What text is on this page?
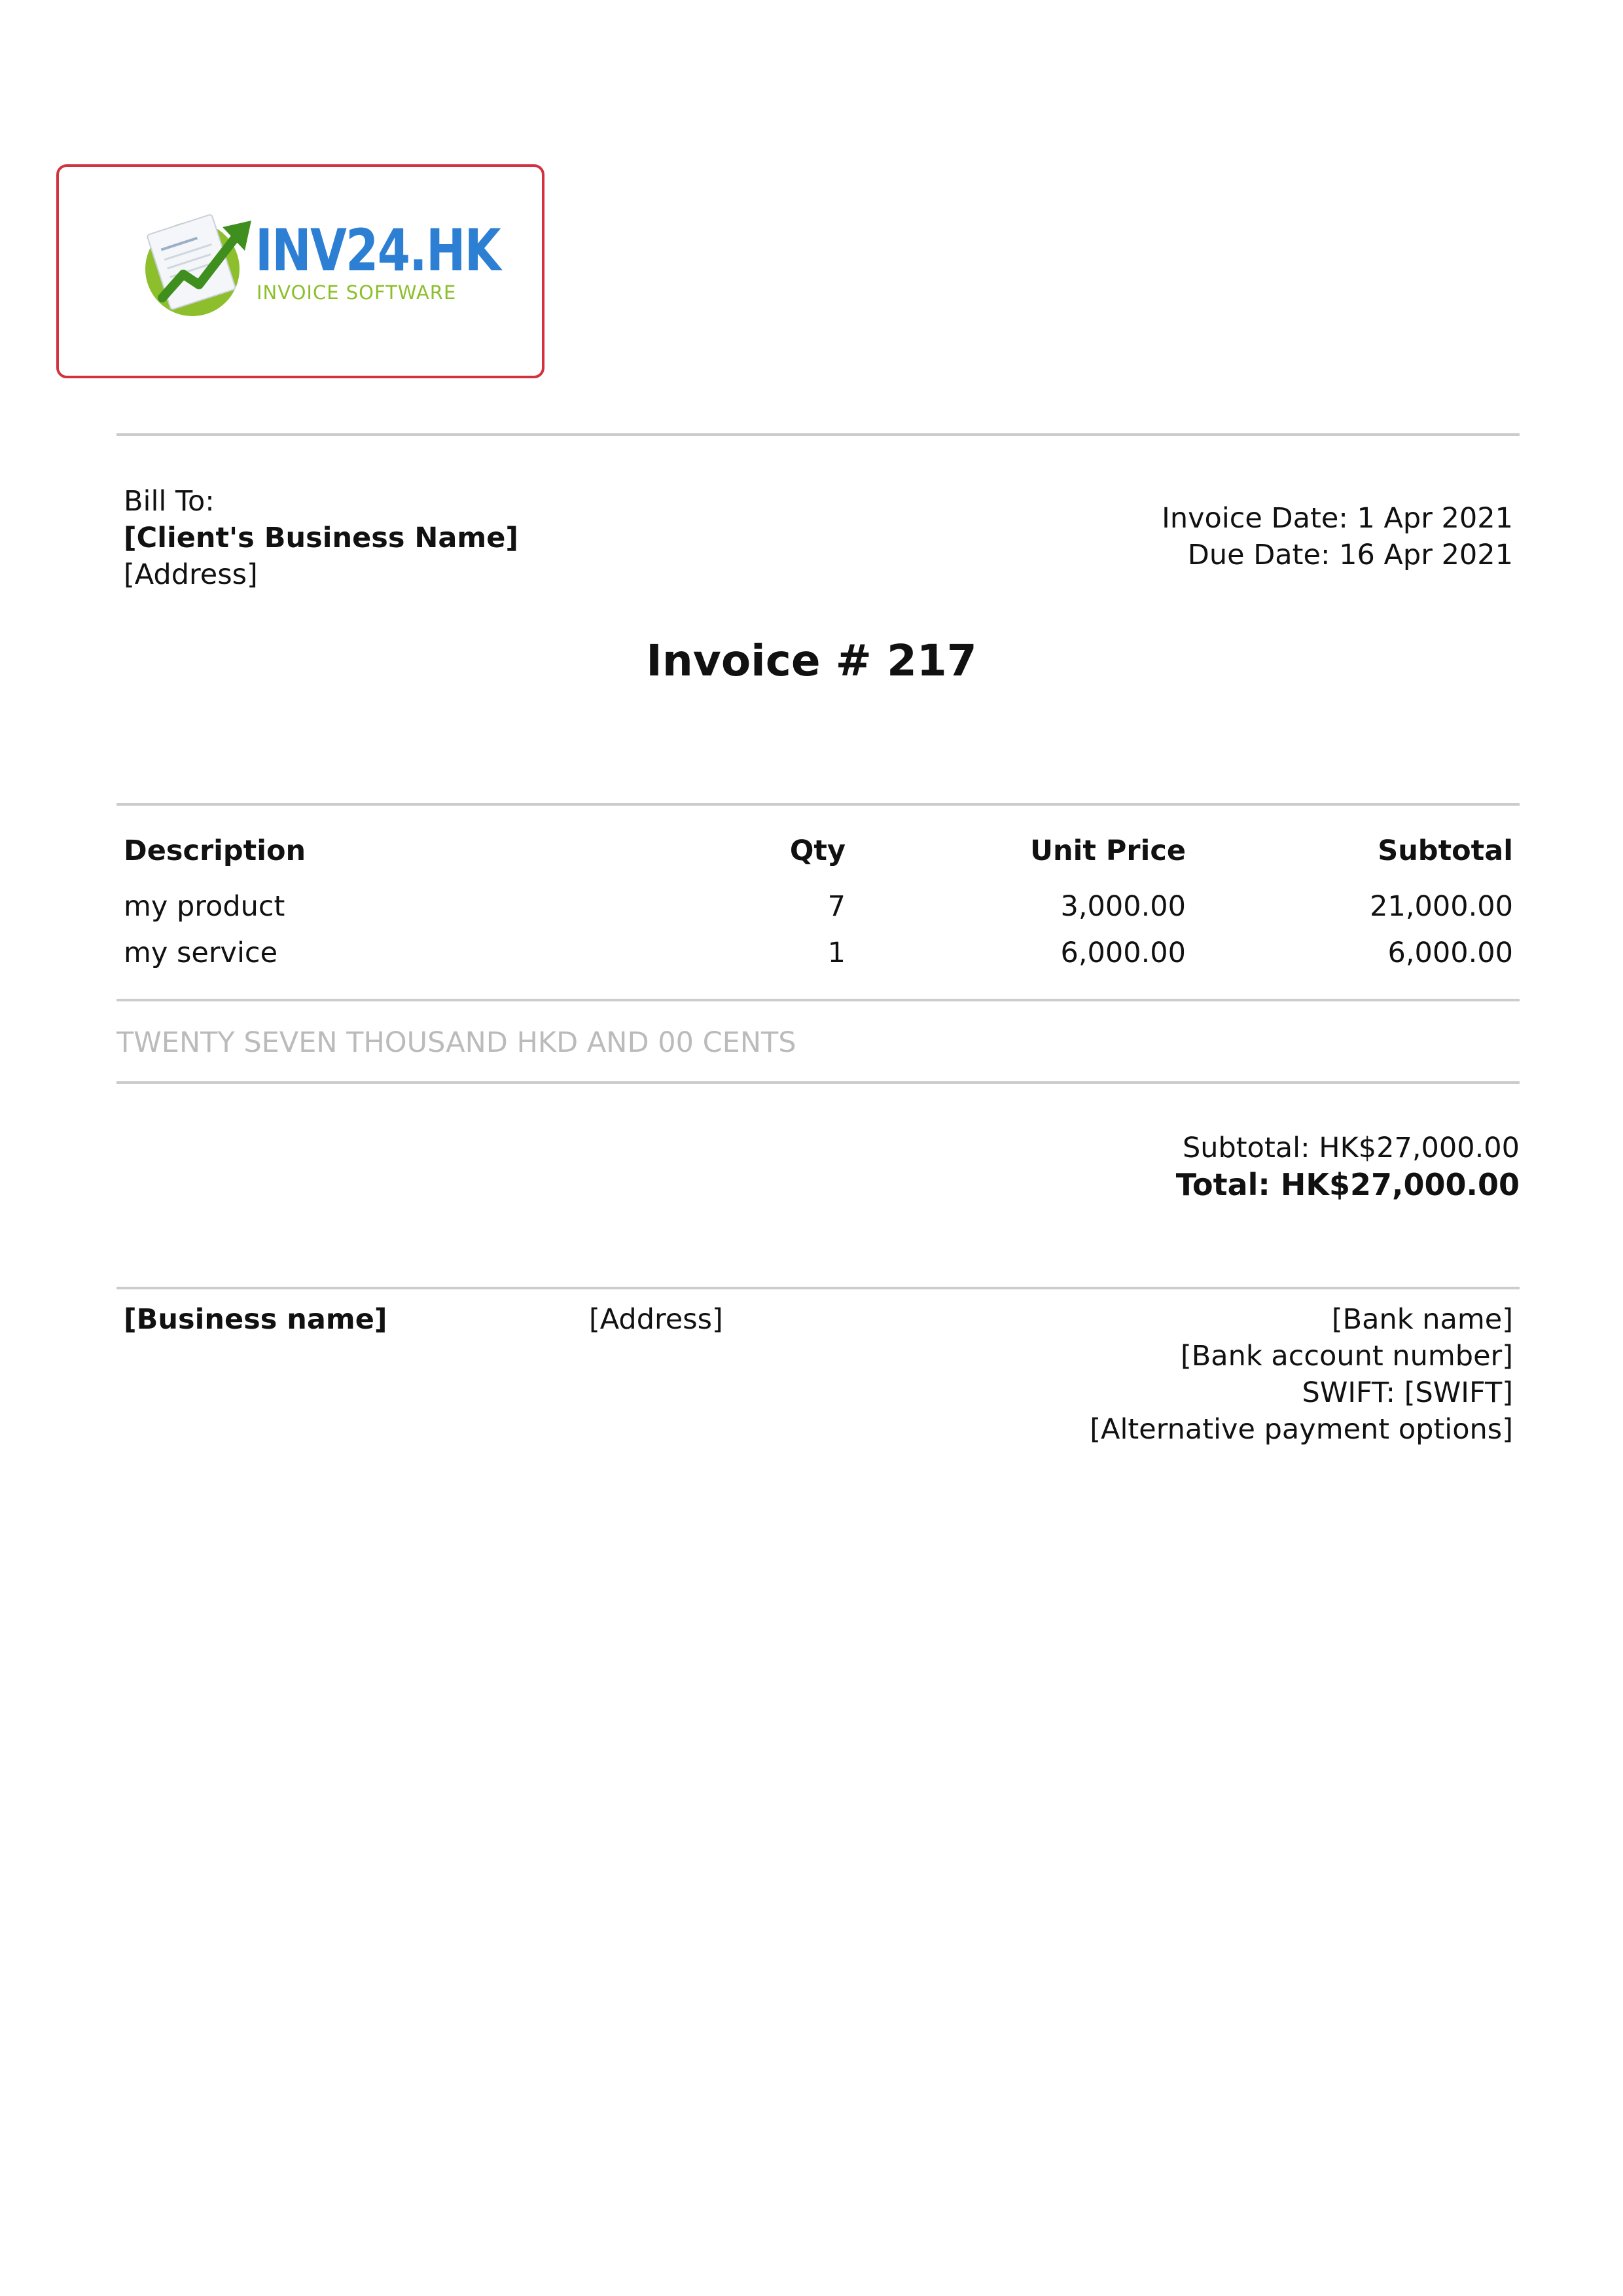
INV24.HK
INVOICE SOFTWARE
Bill To:
[Client's Business Name]
[Address]
Invoice Date: 1 Apr 2021
Due Date: 16 Apr 2021
Invoice # 217
Description	Qty	Unit Price	Subtotal
my product	7	3,000.00	21,000.00
my service	1	6,000.00	6,000.00
TWENTY SEVEN THOUSAND HKD AND 00 CENTS
Subtotal: HK$27,000.00
Total: HK$27,000.00
[Business name]	[Address]	[Bank name]
[Bank account number]
SWIFT: [SWIFT]
[Alternative payment options]
